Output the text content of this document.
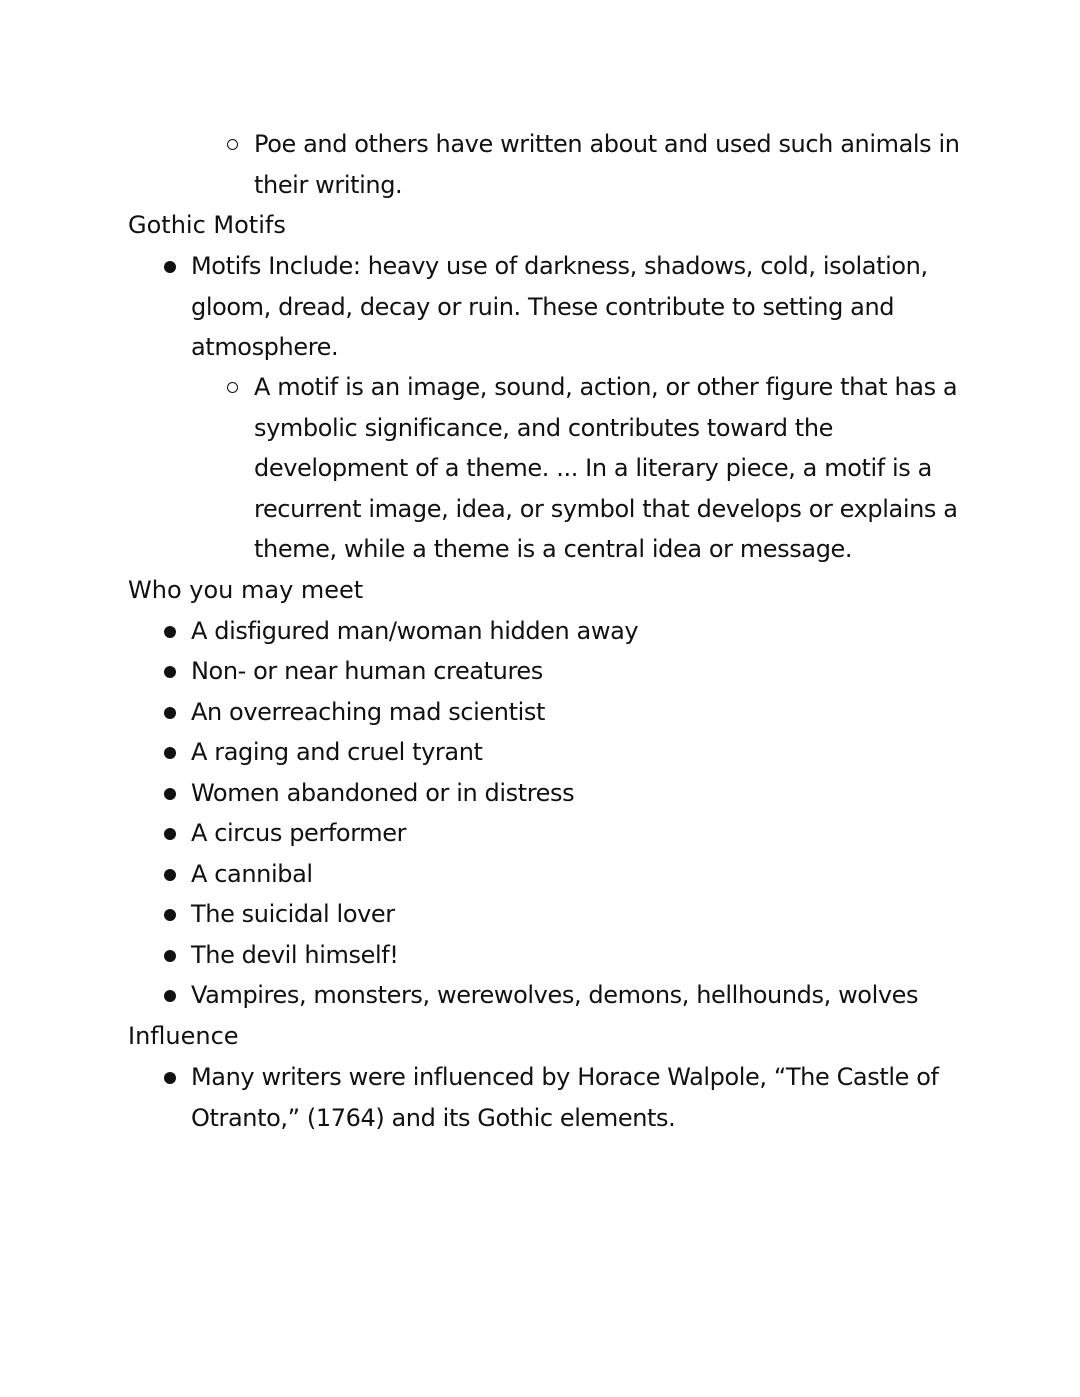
Poe and others have written about and used such animals in their writing.
Gothic Motifs
Motifs Include: heavy use of darkness, shadows, cold, isolation, gloom, dread, decay or ruin. These contribute to setting and atmosphere.
A motif is an image, sound, action, or other figure that has a symbolic significance, and contributes toward the development of a theme. ... In a literary piece, a motif is a recurrent image, idea, or symbol that develops or explains a theme, while a theme is a central idea or message.
Who you may meet
A disfigured man/woman hidden away
Non- or near human creatures
An overreaching mad scientist
A raging and cruel tyrant
Women abandoned or in distress
A circus performer
A cannibal
The suicidal lover
The devil himself!
Vampires, monsters, werewolves, demons, hellhounds, wolves
Influence
Many writers were influenced by Horace Walpole, “The Castle of Otranto,” (1764) and its Gothic elements.
